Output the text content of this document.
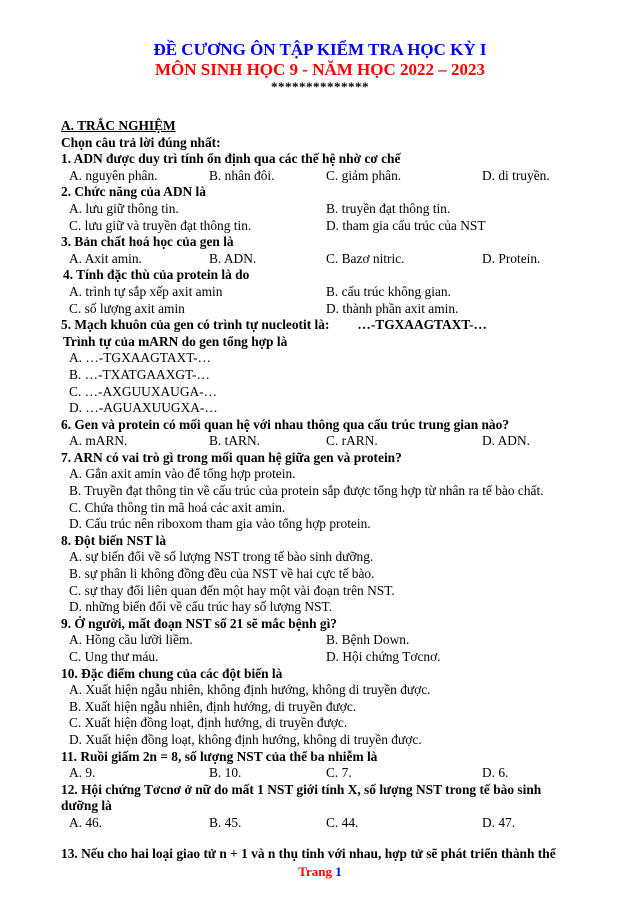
ĐỀ CƯƠNG ÔN TẬP KIỂM TRA HỌC KỲ I
MÔN SINH HỌC 9 - NĂM HỌC 2022 – 2023
**************
A. TRẮC NGHIỆM
Chọn câu trả lời đúng nhất:
1. ADN được duy trì tính ổn định qua các thế hệ nhờ cơ chế
A. nguyên phân.	B. nhân đôi.	C. giảm phân.	D. di truyền.
2. Chức năng của ADN là
A. lưu giữ thông tin.	B. truyền đạt thông tin.
C. lưu giữ và truyền đạt thông tin.	D. tham gia cấu trúc của NST
3. Bản chất hoá học của gen là
A. Axit amin.	B. ADN.	C. Bazơ nitric.	D. Protein.
4. Tính đặc thù của protein là do
A. trình tự sắp xếp axit amin	B. cấu trúc không gian.
C. số lượng axit amin	D. thành phần axit amin.
5. Mạch khuôn của gen có trình tự nucleotit là: …-TGXAAGTAXT-…
Trình tự của mARN do gen tổng hợp là
A. …-TGXAAGTAXT-…
B. …-TXATGAAXGT-…
C. …-AXGUUXAUGA-…
D. …-AGUAXUUGXA-…
6. Gen và protein có mối quan hệ với nhau thông qua cấu trúc trung gian nào?
A. mARN.	B. tARN.	C. rARN.	D. ADN.
7. ARN có vai trò gì trong mối quan hệ giữa gen và protein?
A. Gắn axit amin vào để tổng hợp protein.
B. Truyền đạt thông tin về cấu trúc của protein sắp được tổng hợp từ nhân ra tế bào chất.
C. Chứa thông tin mã hoá các axit amin.
D. Cấu trúc nên riboxom tham gia vào tổng hợp protein.
8. Đột biến NST là
A. sự biến đổi về số lượng NST trong tế bào sinh dưỡng.
B. sự phân li không đồng đều của NST về hai cực tế bào.
C. sự thay đổi liên quan đến một hay một vài đoạn trên NST.
D. những biến đổi về cấu trúc hay số lượng NST.
9. Ở người, mất đoạn NST số 21 sẽ mắc bệnh gì?
A. Hồng cầu lưỡi liềm.	B. Bệnh Down.
C. Ung thư máu.	D. Hội chứng Tơcnơ.
10. Đặc điểm chung của các đột biến là
A. Xuất hiện ngẫu nhiên, không định hướng, không di truyền được.
B. Xuất hiện ngẫu nhiên, định hướng, di truyền được.
C. Xuất hiện đồng loạt, định hướng, di truyền được.
D. Xuất hiện đồng loạt, không định hướng, không di truyền được.
11. Ruồi giấm 2n = 8, số lượng NST của thể ba nhiễm là
A. 9.	B. 10.	C. 7.	D. 6.
12. Hội chứng Tơcnơ ở nữ do mất 1 NST giới tính X, số lượng NST trong tế bào sinh
dưỡng là
A. 46.	B. 45.	C. 44.	D. 47.
13. Nếu cho hai loại giao tử n + 1 và n thụ tinh với nhau, hợp tử sẽ phát triển thành thể
Trang 1
